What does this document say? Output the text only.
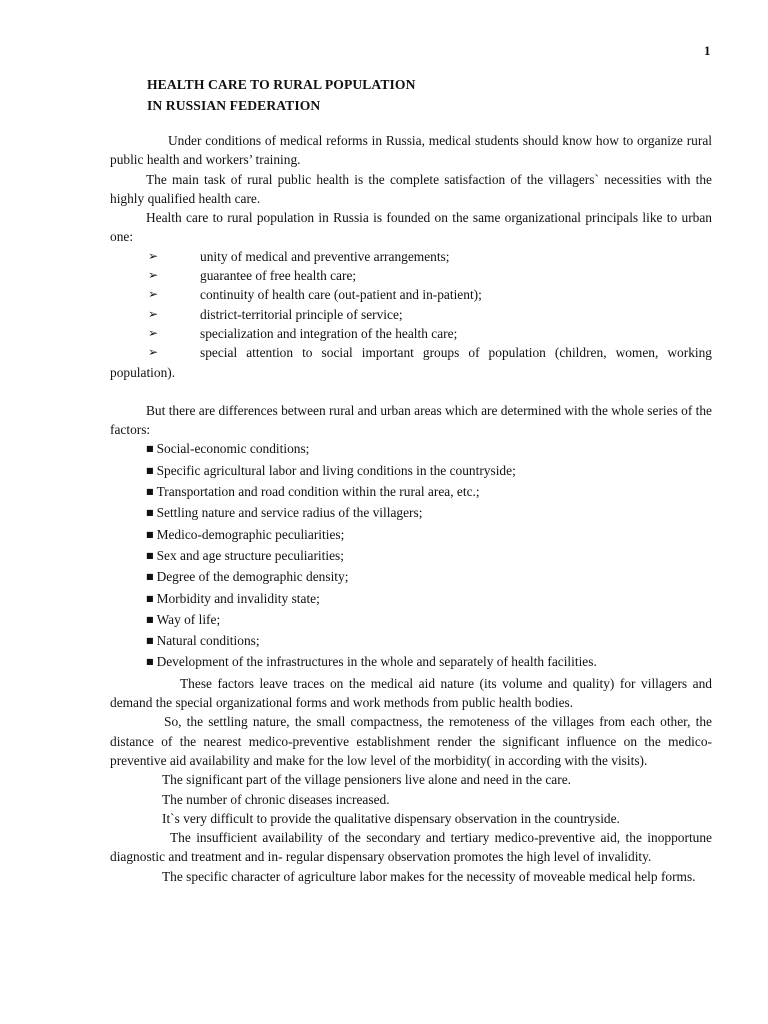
1
HEALTH CARE TO RURAL POPULATION
IN RUSSIAN FEDERATION

Under conditions of medical reforms in Russia, medical students should know how to organize rural public health and workers’ training.

The main task of rural public health is the complete satisfaction of the villagers` necessities with the highly qualified health care.

Health care to rural population in Russia is founded on the same organizational principals like to urban one:

➢	unity of medical and preventive arrangements;

➢	guarantee of free health care;

➢	continuity of health care (out-patient and in-patient);

➢	district-territorial principle of service;

➢	specialization and integration of the health care;

➢	special attention to social important groups of population (children, women, working population).

But there are differences between rural and urban areas which are determined with the whole series of the factors:

■ Social-economic conditions;

■ Specific agricultural labor and living conditions in the countryside;

■ Transportation and road condition within the rural area, etc.;

■ Settling nature and service radius of the villagers;

■ Medico-demographic peculiarities;

■ Sex and age structure peculiarities;

■ Degree of the demographic density;

■ Morbidity and invalidity state;

■ Way of life;

■ Natural conditions;

■ Development of the infrastructures in the whole and separately of health facilities.

These factors leave traces on the medical aid nature (its volume and quality) for villagers and demand the special organizational forms and work methods from public health bodies.

So, the settling nature, the small compactness, the remoteness of the villages from each other, the distance of the nearest medico-preventive establishment render the significant influence on the medico-preventive aid availability and make for the low level of the morbidity( in according with the visits).

The significant part of the village pensioners live alone and need in the care.

The number of chronic diseases increased.

It`s very difficult to provide the qualitative dispensary observation in the countryside.

The insufficient availability of the secondary and tertiary medico-preventive aid, the inopportune diagnostic and treatment and in- regular dispensary observation promotes the high level of invalidity.

The specific character of agriculture labor makes for the necessity of moveable medical help forms.
